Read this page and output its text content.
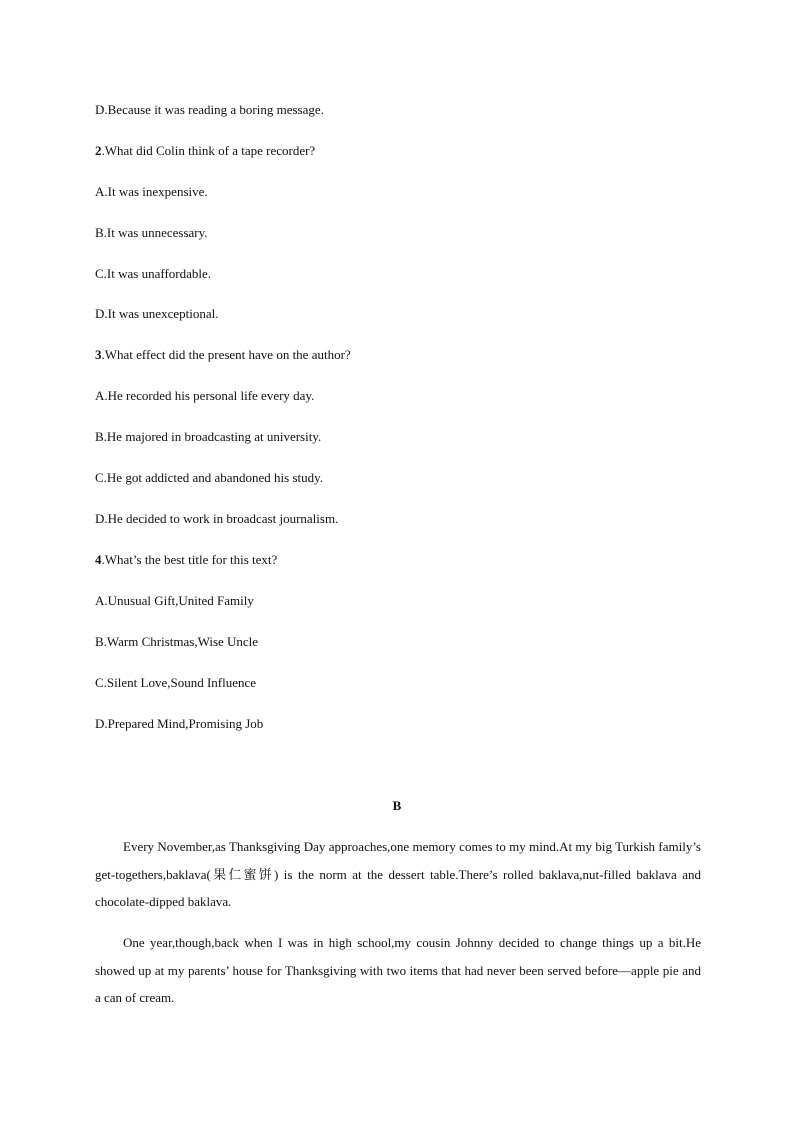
D.Because it was reading a boring message.
2.What did Colin think of a tape recorder?
A.It was inexpensive.
B.It was unnecessary.
C.It was unaffordable.
D.It was unexceptional.
3.What effect did the present have on the author?
A.He recorded his personal life every day.
B.He majored in broadcasting at university.
C.He got addicted and abandoned his study.
D.He decided to work in broadcast journalism.
4.What’s the best title for this text?
A.Unusual Gift,United Family
B.Warm Christmas,Wise Uncle
C.Silent Love,Sound Influence
D.Prepared Mind,Promising Job
B
Every November,as Thanksgiving Day approaches,one memory comes to my mind.At my big Turkish family’s get-togethers,baklava(果仁蜜饼) is the norm at the dessert table.There’s rolled baklava,nut-filled baklava and chocolate-dipped baklava.
One year,though,back when I was in high school,my cousin Johnny decided to change things up a bit.He showed up at my parents’ house for Thanksgiving with two items that had never been served before—apple pie and a can of cream.
